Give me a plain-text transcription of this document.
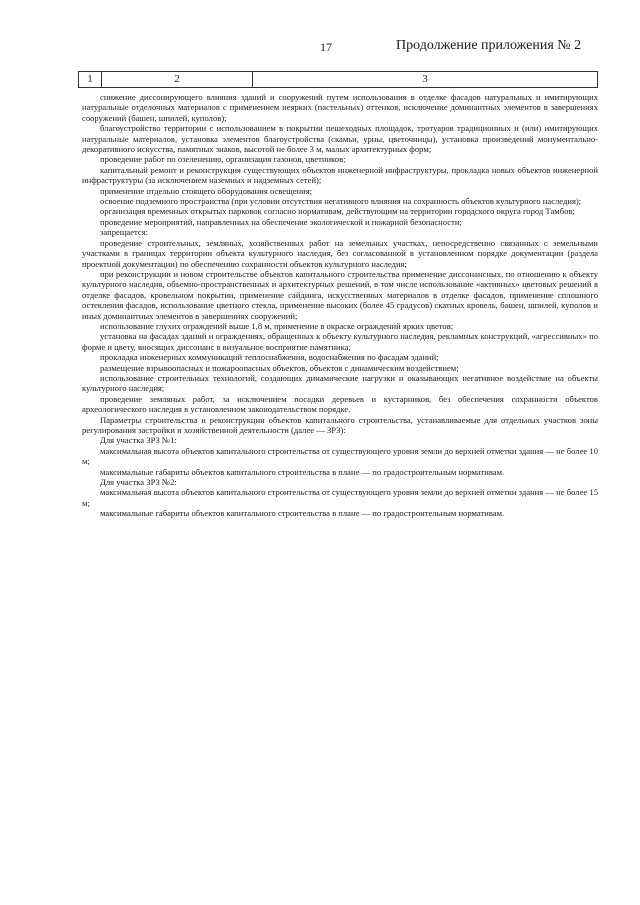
17	Продолжение приложения № 2
1	2	3

снижение диссонирующего влияния зданий и сооружений путем использования в отделке фасадов натуральных и имитирующих натуральные отделочных материалов с применением неярких (пастельных) оттенков, исключение доминантных элементов в завершениях сооружений (башен, шпилей, куполов);

благоустройство территории с использованием в покрытии пешеходных площадок, тротуаров традиционных и (или) имитирующих натуральные материалов, установка элементов благоустройства (скамьи, урны, цветочницы), установка произведений монументально-декоративного искусства, памятных знаков, высотой не более 3 м, малых архитектурных форм;

проведение работ по озеленению, организация газонов, цветников;

капитальный ремонт и реконструкция существующих объектов инженерной инфраструктуры, прокладка новых объектов инженерной инфраструктуры (за исключением наземных и надземных сетей);

применение отдельно стоящего оборудования освещения;

освоение подземного пространства (при условии отсутствия негативного влияния на сохранность объектов культурного наследия);

организация временных открытых парковок согласно нормативам, действующим на территории городского округа город Тамбов;

проведение мероприятий, направленных на обеспечение экологической и пожарной безопасности;

запрещается:

проведение строительных, земляных, хозяйственных работ на земельных участках, непосредственно связанных с земельными участками в границах территории объекта культурного наследия, без согласованной в установленном порядке документации (раздела проектной документации) по обеспечению сохранности объектов культурного наследия;

при реконструкции и новом строительстве объектов капитального строительства применение диссонансных, по отношению к объекту культурного наследия, объемно-пространственных и архитектурных решений, в том числе использование «активных» цветовых решений в отделке фасадов, кровельном покрытии, применение сайдинга, искусственных материалов в отделке фасадов, применение сплошного остекления фасадов, использование цветного стекла, применение высоких (более 45 градусов) скатных кровель, башен, шпилей, куполов и иных доминантных элементов в завершениях сооружений;

использование глухих ограждений выше 1,8 м, применение в окраске ограждений ярких цветов;

установка на фасадах зданий и ограждениях, обращенных к объекту культурного наследия, рекламных конструкций, «агрессивных» по форме и цвету, вносящих диссонанс в визуальное восприятие памятника;

прокладка инженерных коммуникаций теплоснабжения, водоснабжения по фасадам зданий;

размещение взрывоопасных и пожароопасных объектов, объектов с динамическим воздействием;

использование строительных технологий, создающих динамические нагрузки и оказывающих негативное воздействие на объекты культурного наследия;

проведение земляных работ, за исключением посадки деревьев и кустарников, без обеспечения сохранности объектов археологического наследия в установленном законодательством порядке.

Параметры строительства и реконструкции объектов капитального строительства, устанавливаемые для отдельных участков зоны регулирования застройки и хозяйственной деятельности (далее — ЗРЗ):

Для участка ЗРЗ №1:

максимальная высота объектов капитального строительства от существующего уровня земли до верхней отметки здания — не более 10 м;

максимальные габариты объектов капитального строительства в плане — по градостроительным нормативам.

Для участка ЗРЗ №2:

максимальная высота объектов капитального строительства от существующего уровня земли до верхней отметки здания — не более 15 м;

максимальные габариты объектов капитального строительства в плане — по градостроительным нормативам.
